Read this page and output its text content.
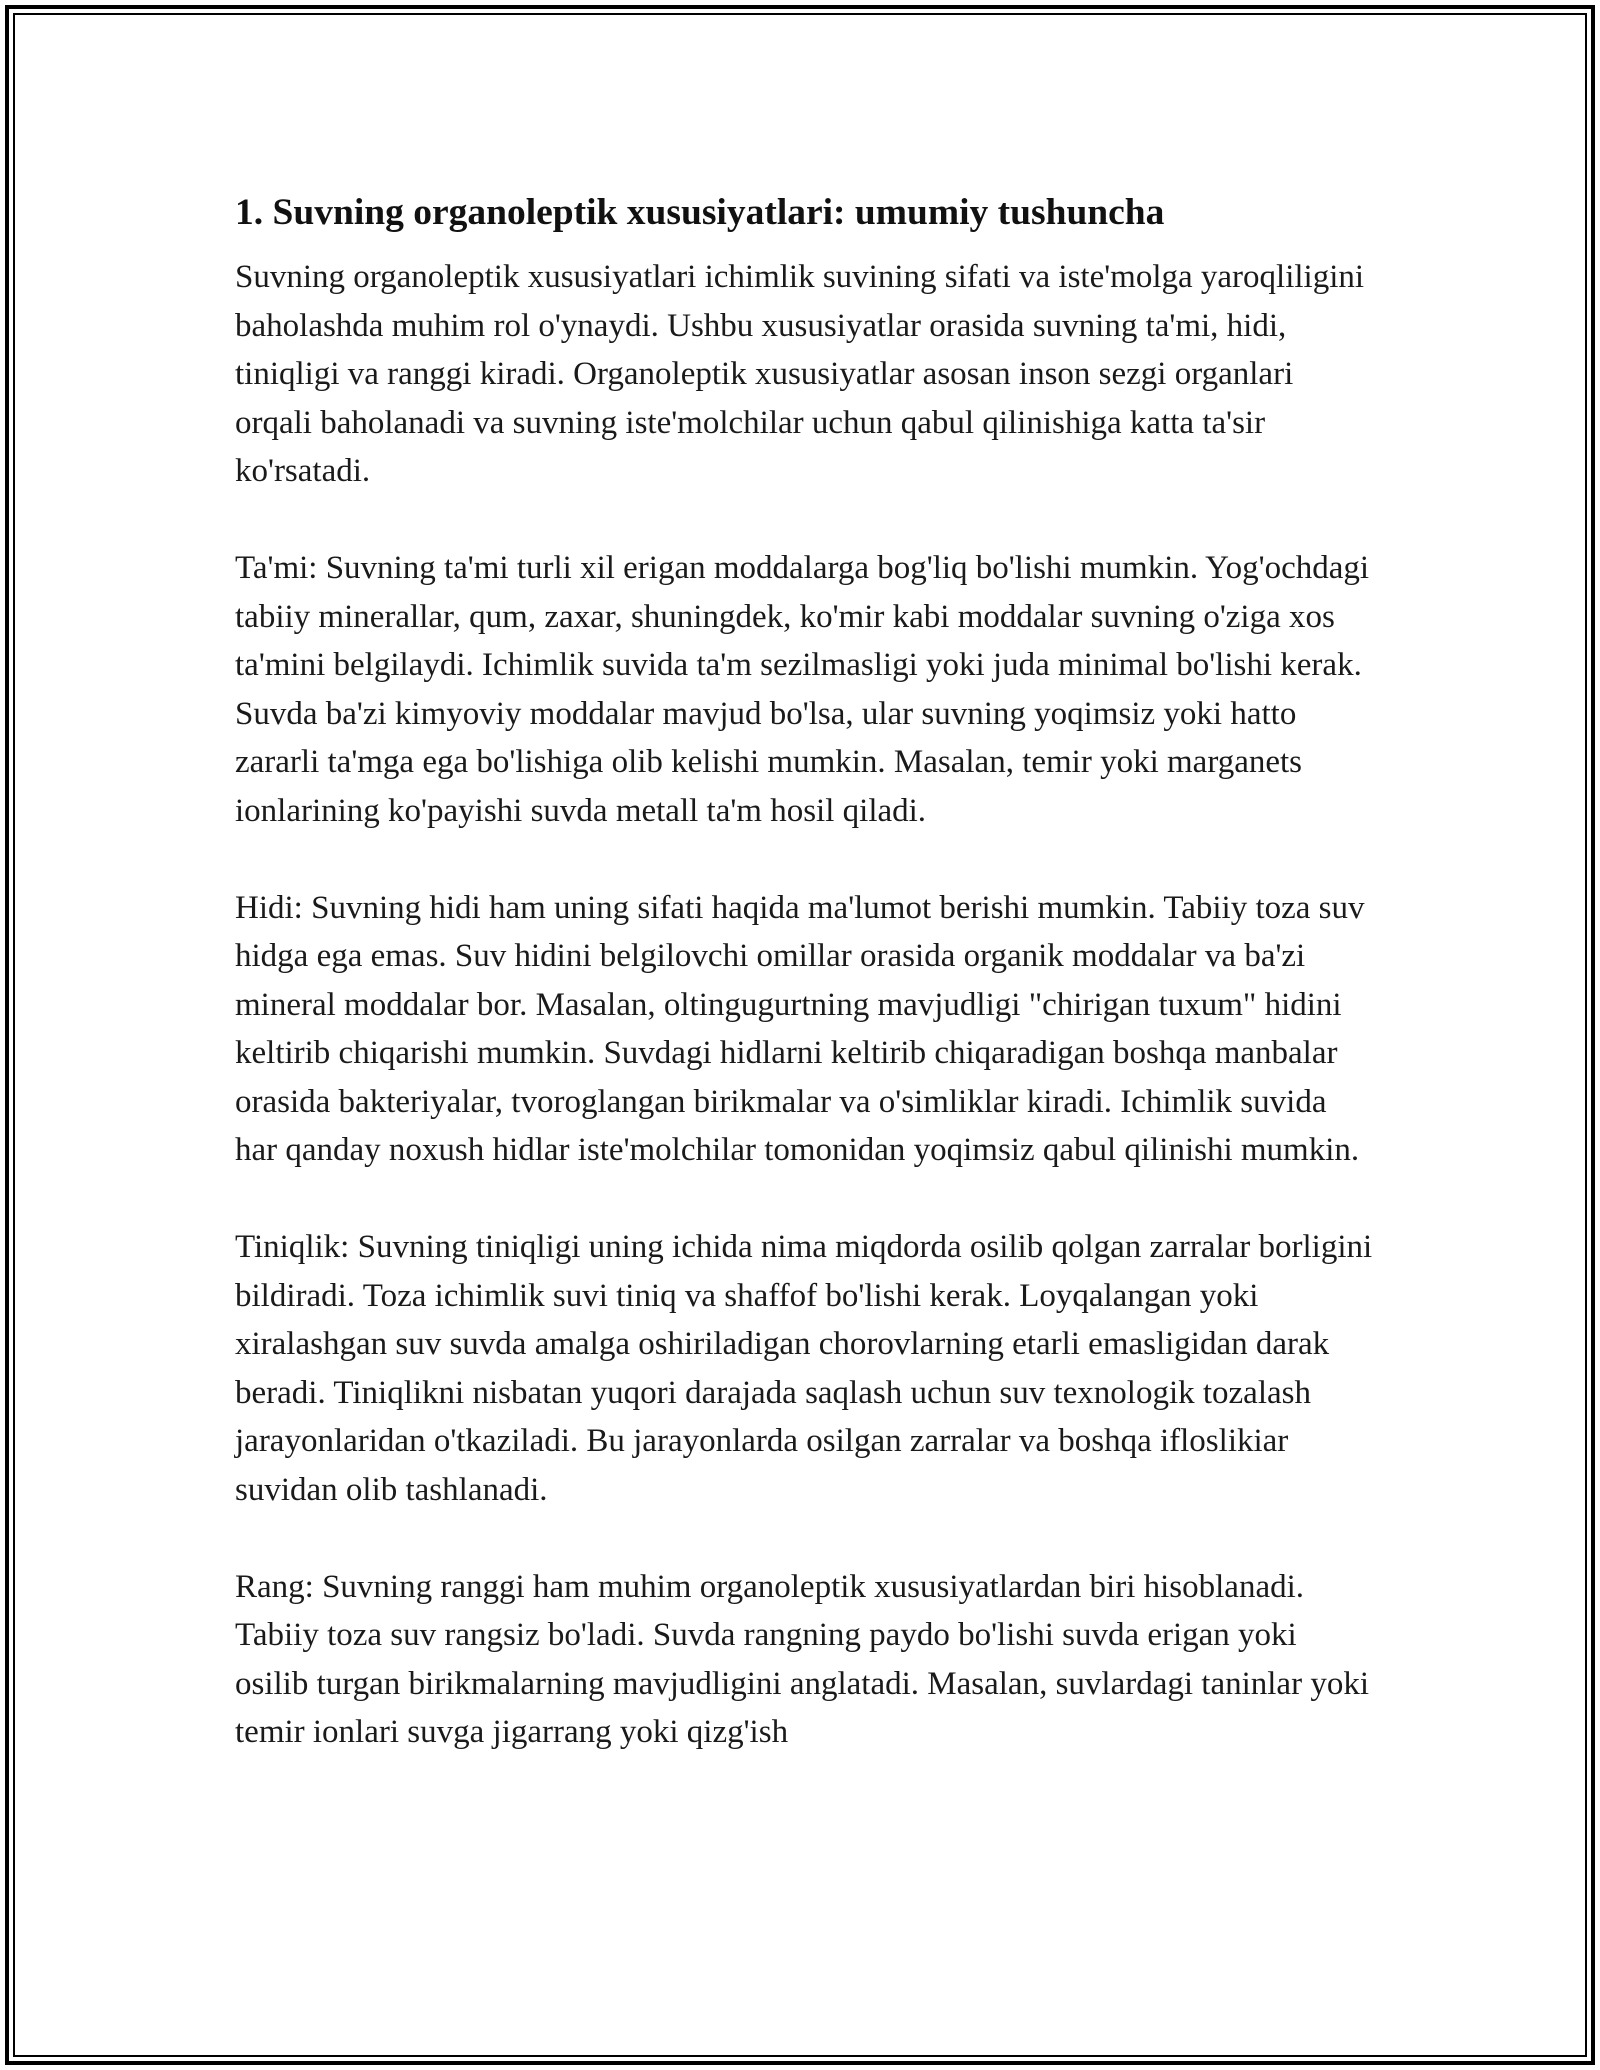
1. Suvning organoleptik xususiyatlari: umumiy tushuncha

Suvning organoleptik xususiyatlari ichimlik suvining sifati va iste'molga yaroqliligini baholashda muhim rol o'ynaydi. Ushbu xususiyatlar orasida suvning ta'mi, hidi, tiniqligi va ranggi kiradi. Organoleptik xususiyatlar asosan inson sezgi organlari orqali baholanadi va suvning iste'molchilar uchun qabul qilinishiga katta ta'sir ko'rsatadi.

Ta'mi: Suvning ta'mi turli xil erigan moddalarga bog'liq bo'lishi mumkin. Yog'ochdagi tabiiy minerallar, qum, zaxar, shuningdek, ko'mir kabi moddalar suvning o'ziga xos ta'mini belgilaydi. Ichimlik suvida ta'm sezilmasligi yoki juda minimal bo'lishi kerak. Suvda ba'zi kimyoviy moddalar mavjud bo'lsa, ular suvning yoqimsiz yoki hatto zararli ta'mga ega bo'lishiga olib kelishi mumkin. Masalan, temir yoki marganets ionlarining ko'payishi suvda metall ta'm hosil qiladi.

Hidi: Suvning hidi ham uning sifati haqida ma'lumot berishi mumkin. Tabiiy toza suv hidga ega emas. Suv hidini belgilovchi omillar orasida organik moddalar va ba'zi mineral moddalar bor. Masalan, oltingugurtning mavjudligi "chirigan tuxum" hidini keltirib chiqarishi mumkin. Suvdagi hidlarni keltirib chiqaradigan boshqa manbalar orasida bakteriyalar, tvoroglangan birikmalar va o'simliklar kiradi. Ichimlik suvida har qanday noxush hidlar iste'molchilar tomonidan yoqimsiz qabul qilinishi mumkin.

Tiniqlik: Suvning tiniqligi uning ichida nima miqdorda osilib qolgan zarralar borligini bildiradi. Toza ichimlik suvi tiniq va shaffof bo'lishi kerak. Loyqalangan yoki xiralashgan suv suvda amalga oshiriladigan chorovlarning etarli emasligidan darak beradi. Tiniqlikni nisbatan yuqori darajada saqlash uchun suv texnologik tozalash jarayonlaridan o'tkaziladi. Bu jarayonlarda osilgan zarralar va boshqa ifloslikiar suvidan olib tashlanadi.

Rang: Suvning ranggi ham muhim organoleptik xususiyatlardan biri hisoblanadi. Tabiiy toza suv rangsiz bo'ladi. Suvda rangning paydo bo'lishi suvda erigan yoki osilib turgan birikmalarning mavjudligini anglatadi. Masalan, suvlardagi taninlar yoki temir ionlari suvga jigarrang yoki qizg'ish
